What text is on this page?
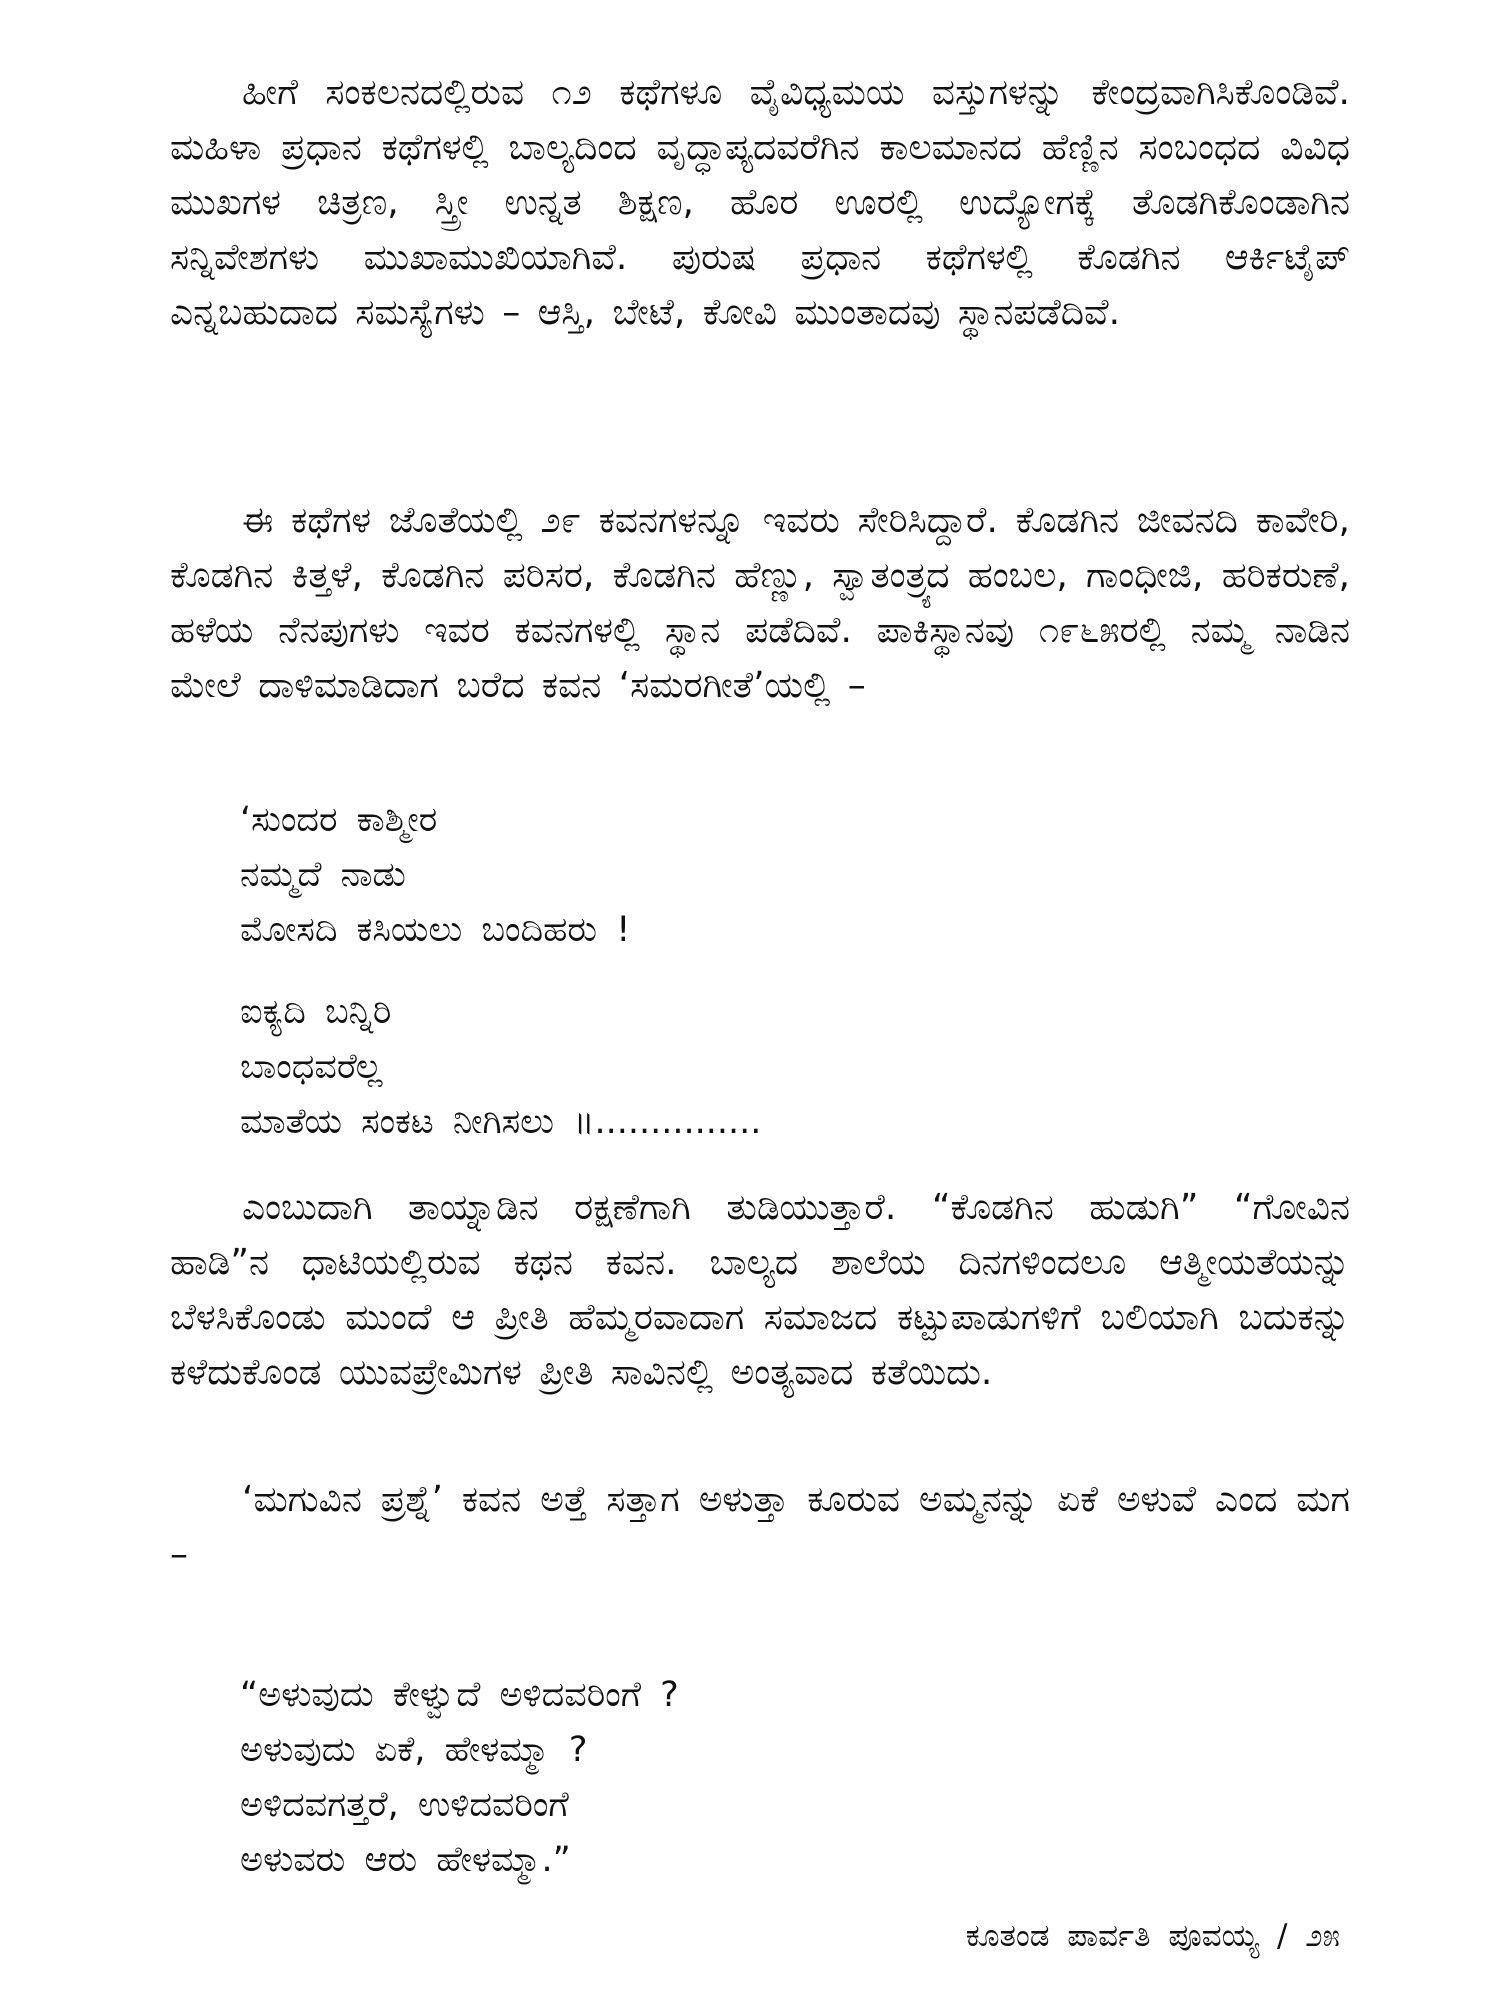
ಹೀಗೆ ಸಂಕಲನದಲ್ಲಿರುವ ೧೨ ಕಥೆಗಳೂ ವೈವಿಧ್ಯಮಯ ವಸ್ತುಗಳನ್ನು ಕೇಂದ್ರವಾಗಿಸಿಕೊಂಡಿವೆ. ಮಹಿಳಾ ಪ್ರಧಾನ ಕಥೆಗಳಲ್ಲಿ ಬಾಲ್ಯದಿಂದ ವೃದ್ಧಾಪ್ಯದವರೆಗಿನ ಕಾಲಮಾನದ ಹೆಣ್ಣಿನ ಸಂಬಂಧದ ವಿವಿಧ ಮುಖಗಳ ಚಿತ್ರಣ, ಸ್ತ್ರೀ ಉನ್ನತ ಶಿಕ್ಷಣ, ಹೊರ ಊರಲ್ಲಿ ಉದ್ಯೋಗಕ್ಕೆ ತೊಡಗಿಕೊಂಡಾಗಿನ ಸನ್ನಿವೇಶಗಳು ಮುಖಾಮುಖಿಯಾಗಿವೆ. ಪುರುಷ ಪ್ರಧಾನ ಕಥೆಗಳಲ್ಲಿ ಕೊಡಗಿನ ಆರ್ಕಿಟೈಪ್ ಎನ್ನಬಹುದಾದ ಸಮಸ್ಯೆಗಳು – ಆಸ್ತಿ, ಬೇಟೆ, ಕೋವಿ ಮುಂತಾದವು ಸ್ಥಾನಪಡೆದಿವೆ.

ಈ ಕಥೆಗಳ ಜೊತೆಯಲ್ಲಿ ೨೯ ಕವನಗಳನ್ನೂ ಇವರು ಸೇರಿಸಿದ್ದಾರೆ. ಕೊಡಗಿನ ಜೀವನದಿ ಕಾವೇರಿ, ಕೊಡಗಿನ ಕಿತ್ತಳೆ, ಕೊಡಗಿನ ಪರಿಸರ, ಕೊಡಗಿನ ಹೆಣ್ಣು, ಸ್ವಾತಂತ್ರ್ಯದ ಹಂಬಲ, ಗಾಂಧೀಜಿ, ಹರಿಕರುಣೆ, ಹಳೆಯ ನೆನಪುಗಳು ಇವರ ಕವನಗಳಲ್ಲಿ ಸ್ಥಾನ ಪಡೆದಿವೆ. ಪಾಕಿಸ್ಥಾನವು ೧೯೬೫ರಲ್ಲಿ ನಮ್ಮ ನಾಡಿನ ಮೇಲೆ ದಾಳಿಮಾಡಿದಾಗ ಬರೆದ ಕವನ ‘ಸಮರಗೀತೆ’ಯಲ್ಲಿ –

‘ಸುಂದರ ಕಾಶ್ಮೀರ
ನಮ್ಮದೆ ನಾಡು
ಮೋಸದಿ ಕಸಿಯಲು ಬಂದಿಹರು !
ಐಕ್ಯದಿ ಬನ್ನಿರಿ
ಬಾಂಧವರೆಲ್ಲ
ಮಾತೆಯ ಸಂಕಟ ನೀಗಿಸಲು ॥...............

ಎಂಬುದಾಗಿ ತಾಯ್ನಾಡಿನ ರಕ್ಷಣೆಗಾಗಿ ತುಡಿಯುತ್ತಾರೆ. “ಕೊಡಗಿನ ಹುಡುಗಿ” “ಗೋವಿನ ಹಾಡಿ”ನ ಧಾಟಿಯಲ್ಲಿರುವ ಕಥನ ಕವನ. ಬಾಲ್ಯದ ಶಾಲೆಯ ದಿನಗಳಿಂದಲೂ ಆತ್ಮೀಯತೆಯನ್ನು ಬೆಳಸಿಕೊಂಡು ಮುಂದೆ ಆ ಪ್ರೀತಿ ಹೆಮ್ಮರವಾದಾಗ ಸಮಾಜದ ಕಟ್ಟುಪಾಡುಗಳಿಗೆ ಬಲಿಯಾಗಿ ಬದುಕನ್ನು ಕಳೆದುಕೊಂಡ ಯುವಪ್ರೇಮಿಗಳ ಪ್ರೀತಿ ಸಾವಿನಲ್ಲಿ ಅಂತ್ಯವಾದ ಕತೆಯಿದು.

‘ಮಗುವಿನ ಪ್ರಶ್ನೆ’ ಕವನ ಅತ್ತೆ ಸತ್ತಾಗ ಅಳುತ್ತಾ ಕೂರುವ ಅಮ್ಮನನ್ನು ಏಕೆ ಅಳುವೆ ಎಂದ ಮಗ –

“ಅಳುವುದು ಕೇಳ್ವುದೆ ಅಳಿದವರಿಂಗೆ ?
ಅಳುವುದು ಏಕೆ, ಹೇಳಮ್ಮಾ ?
ಅಳಿದವಗತ್ತರೆ, ಉಳಿದವರಿಂಗೆ
ಅಳುವರು ಆರು ಹೇಳಮ್ಮಾ.”
ಕೂತಂಡ ಪಾರ್ವತಿ ಪೂವಯ್ಯ / ೨೫
